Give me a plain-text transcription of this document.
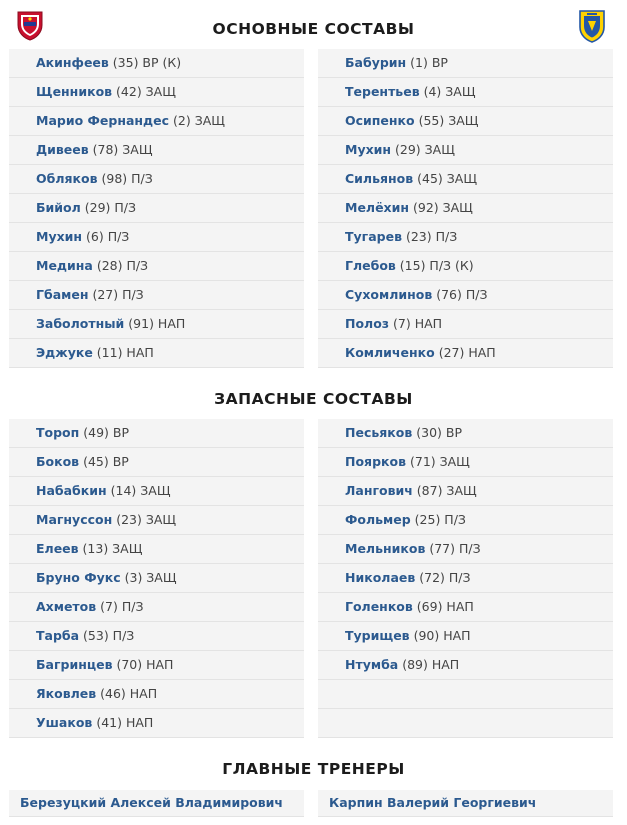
ОСНОВНЫЕ СОСТАВЫ
Акинфеев (35) ВР (К)
Щенников (42) ЗАЩ
Марио Фернандес (2) ЗАЩ
Дивеев (78) ЗАЩ
Обляков (98) П/З
Бийол (29) П/З
Мухин (6) П/З
Медина (28) П/З
Гбамен (27) П/З
Заболотный (91) НАП
Эджуке (11) НАП
Бабурин (1) ВР
Терентьев (4) ЗАЩ
Осипенко (55) ЗАЩ
Мухин (29) ЗАЩ
Сильянов (45) ЗАЩ
Мелёхин (92) ЗАЩ
Тугарев (23) П/З
Глебов (15) П/З (К)
Сухомлинов (76) П/З
Полоз (7) НАП
Комличенко (27) НАП
ЗАПАСНЫЕ СОСТАВЫ
Тороп (49) ВР
Боков (45) ВР
Набабкин (14) ЗАЩ
Магнуссон (23) ЗАЩ
Елеев (13) ЗАЩ
Бруно Фукс (3) ЗАЩ
Ахметов (7) П/З
Тарба (53) П/З
Багринцев (70) НАП
Яковлев (46) НАП
Ушаков (41) НАП
Песьяков (30) ВР
Поярков (71) ЗАЩ
Лангович (87) ЗАЩ
Фольмер (25) П/З
Мельников (77) П/З
Николаев (72) П/З
Голенков (69) НАП
Турищев (90) НАП
Нтумба (89) НАП
ГЛАВНЫЕ ТРЕНЕРЫ
Березуцкий Алексей Владимирович	Карпин Валерий Георгиевич
